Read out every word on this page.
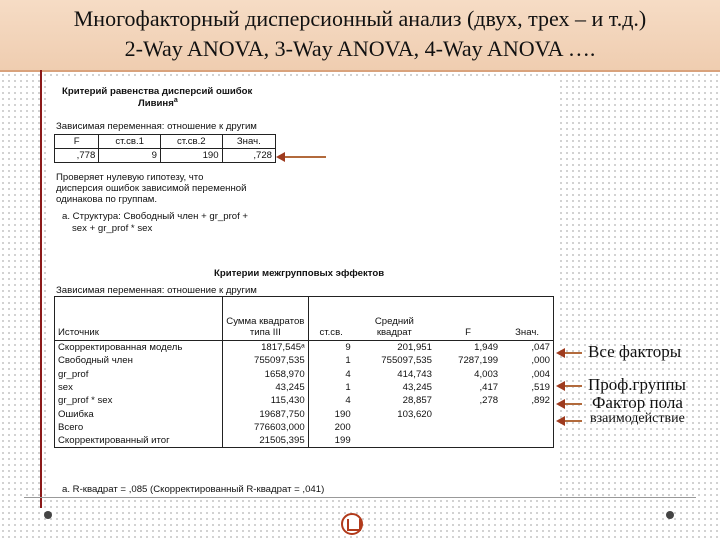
Многофакторный дисперсионный анализ (двух, трех – и т.д.)
2-Way ANOVA, 3-Way ANOVA, 4-Way ANOVA ….
Критерий равенства дисперсий ошибок
Ливиня$^а$
Зависимая переменная: отношение к другим
F	ст.св.1	ст.св.2	Знач.
,778	9	190	,728
Проверяет нулевую гипотезу, что
дисперсия ошибок зависимой переменной
одинакова по группам.
а. Структура: Свободный член + gr_prof +
sex + gr_prof * sex
Критерии межгрупповых эффектов
Зависимая переменная: отношение к другим
Источник	Сумма квадратов типа III	ст.св.	Средний квадрат	F	Знач.
Скорректированная модель	1817,545ᵃ	9	201,951	1,949	,047
Свободный член	755097,535	1	755097,535	7287,199	,000
gr_prof	1658,970	4	414,743	4,003	,004
sex	43,245	1	43,245	,417	,519
gr_prof * sex	115,430	4	28,857	,278	,892
Ошибка	19687,750	190	103,620		
Всего	776603,000	200			
Скорректированный итог	21505,395	199			
а. R-квадрат = ,085 (Скорректированный R-квадрат = ,041)
Все факторы
Проф.группы
Фактор пола
взаимодействие
